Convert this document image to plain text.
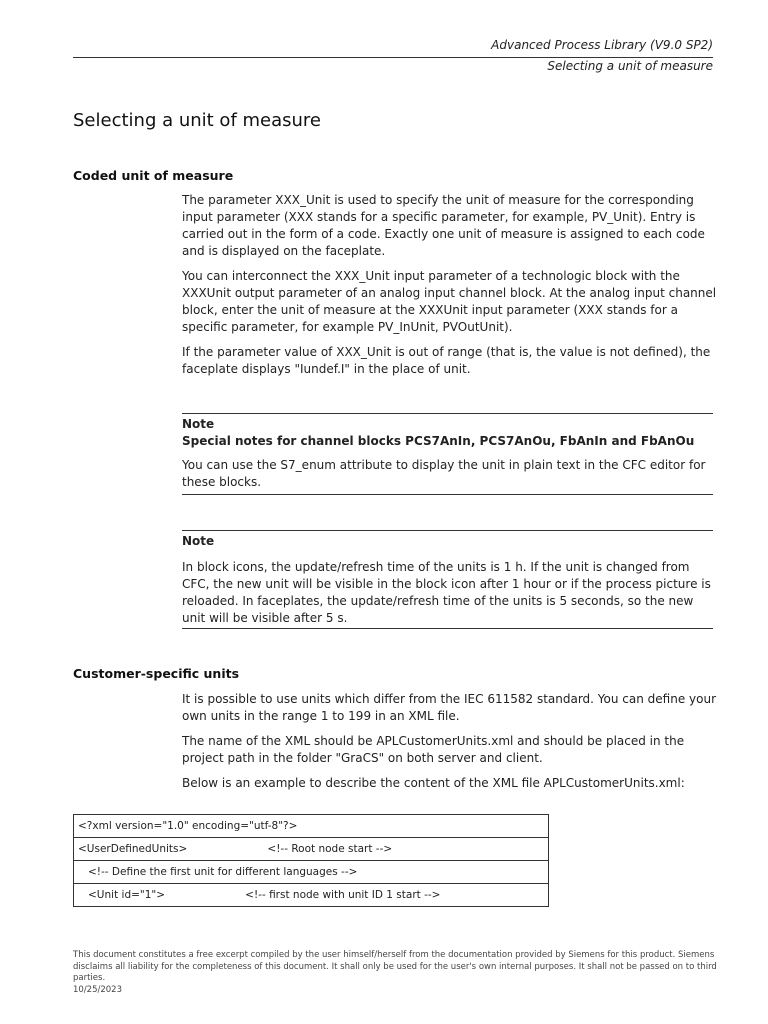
Advanced Process Library (V9.0 SP2)
Selecting a unit of measure
Selecting a unit of measure
Coded unit of measure

The parameter XXX_Unit is used to specify the unit of measure for the corresponding input parameter (XXX stands for a specific parameter, for example, PV_Unit). Entry is carried out in the form of a code. Exactly one unit of measure is assigned to each code and is displayed on the faceplate.

You can interconnect the XXX_Unit input parameter of a technologic block with the XXXUnit output parameter of an analog input channel block. At the analog input channel block, enter the unit of measure at the XXXUnit input parameter (XXX stands for a specific parameter, for example PV_InUnit, PVOutUnit).

If the parameter value of XXX_Unit is out of range (that is, the value is not defined), the faceplate displays "Iundef.I" in the place of unit.

Note
Special notes for channel blocks PCS7AnIn, PCS7AnOu, FbAnIn and FbAnOu

You can use the S7_enum attribute to display the unit in plain text in the CFC editor for these blocks.

Note

In block icons, the update/refresh time of the units is 1 h. If the unit is changed from CFC, the new unit will be visible in the block icon after 1 hour or if the process picture is reloaded. In faceplates, the update/refresh time of the units is 5 seconds, so the new unit will be visible after 5 s.

Customer-specific units

It is possible to use units which differ from the IEC 611582 standard. You can define your own units in the range 1 to 199 in an XML file.

The name of the XML should be APLCustomerUnits.xml and should be placed in the project path in the folder "GraCS" on both server and client.

Below is an example to describe the content of the XML file APLCustomerUnits.xml:

<?xml version="1.0" encoding="utf-8"?>
<UserDefinedUnits>                        <!-- Root node start -->
<!-- Define the first unit for different languages -->
<Unit id="1">                        <!-- first node with unit ID 1 start -->
This document constitutes a free excerpt compiled by the user himself/herself from the documentation provided by Siemens for this product. Siemens disclaims all liability for the completeness of this document. It shall only be used for the user's own internal purposes. It shall not be passed on to third parties.
10/25/2023
